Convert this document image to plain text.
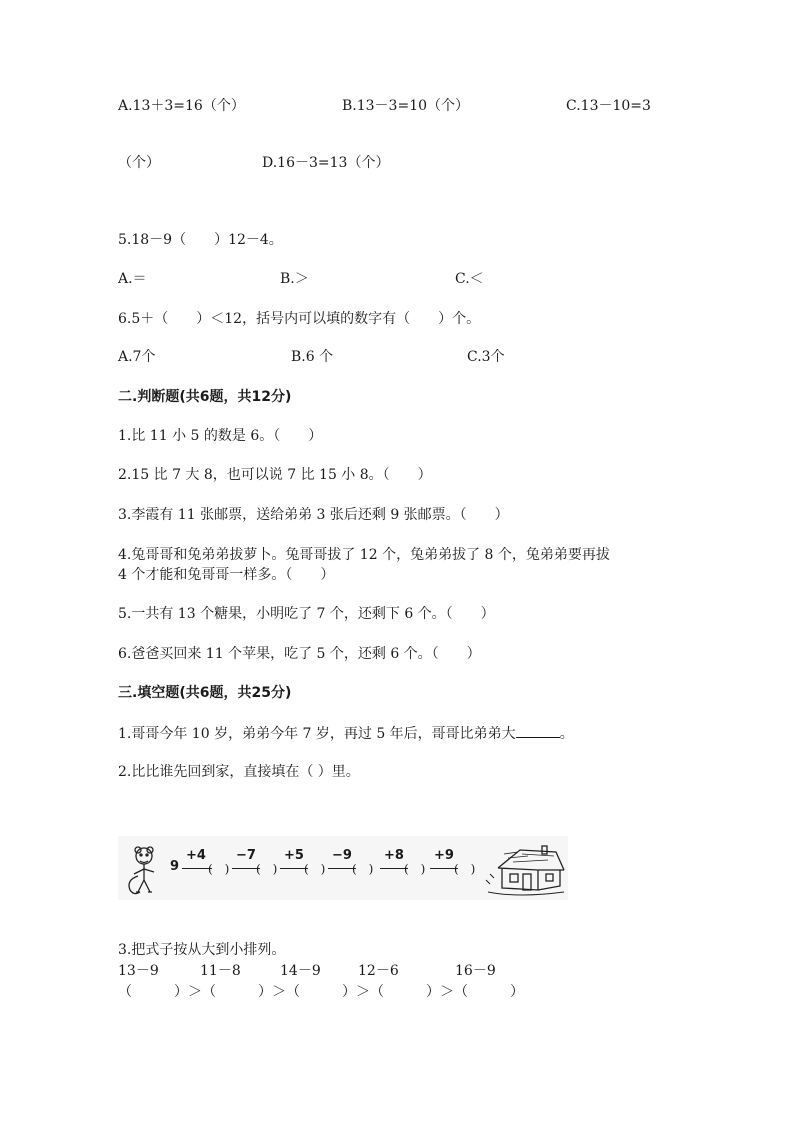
A.13＋3=16（个）	B.13－3=10（个）	C.13－10=3
（个）	D.16－3=13（个）
5.18－9（　　）12－4。
A.＝	B.＞	C.＜
6.5＋（　　）＜12，括号内可以填的数字有（　　）个。
A.7个	B.6 个	C.3个
二.判断题(共6题，共12分)
1.比 11 小 5 的数是 6。（　　）
2.15 比 7 大 8，也可以说 7 比 15 小 8。（　　）
3.李霞有 11 张邮票，送给弟弟 3 张后还剩 9 张邮票。（　　）
4.兔哥哥和兔弟弟拔萝卜。兔哥哥拔了 12 个，兔弟弟拔了 8 个，兔弟弟要再拔
4 个才能和兔哥哥一样多。（　　）
5.一共有 13 个糖果，小明吃了 7 个，还剩下 6 个。（　　）
6.爸爸买回来 11 个苹果，吃了 5 个，还剩 6 个。（　　）
三.填空题(共6题，共25分)
1.哥哥今年 10 岁，弟弟今年 7 岁，再过 5 年后，哥哥比弟弟大	。
2.比比谁先回到家，直接填在（ ）里。
9
+4
(　)
−7
(　)
+5
(　)
−9
(　)
+8
(　)
+9
(　)
3.把式子按从大到小排列。
13－9	11－8	14－9	12－6	16－9
（　　　）＞（　　　）＞（　　　）＞（　　　）＞（　　　）
